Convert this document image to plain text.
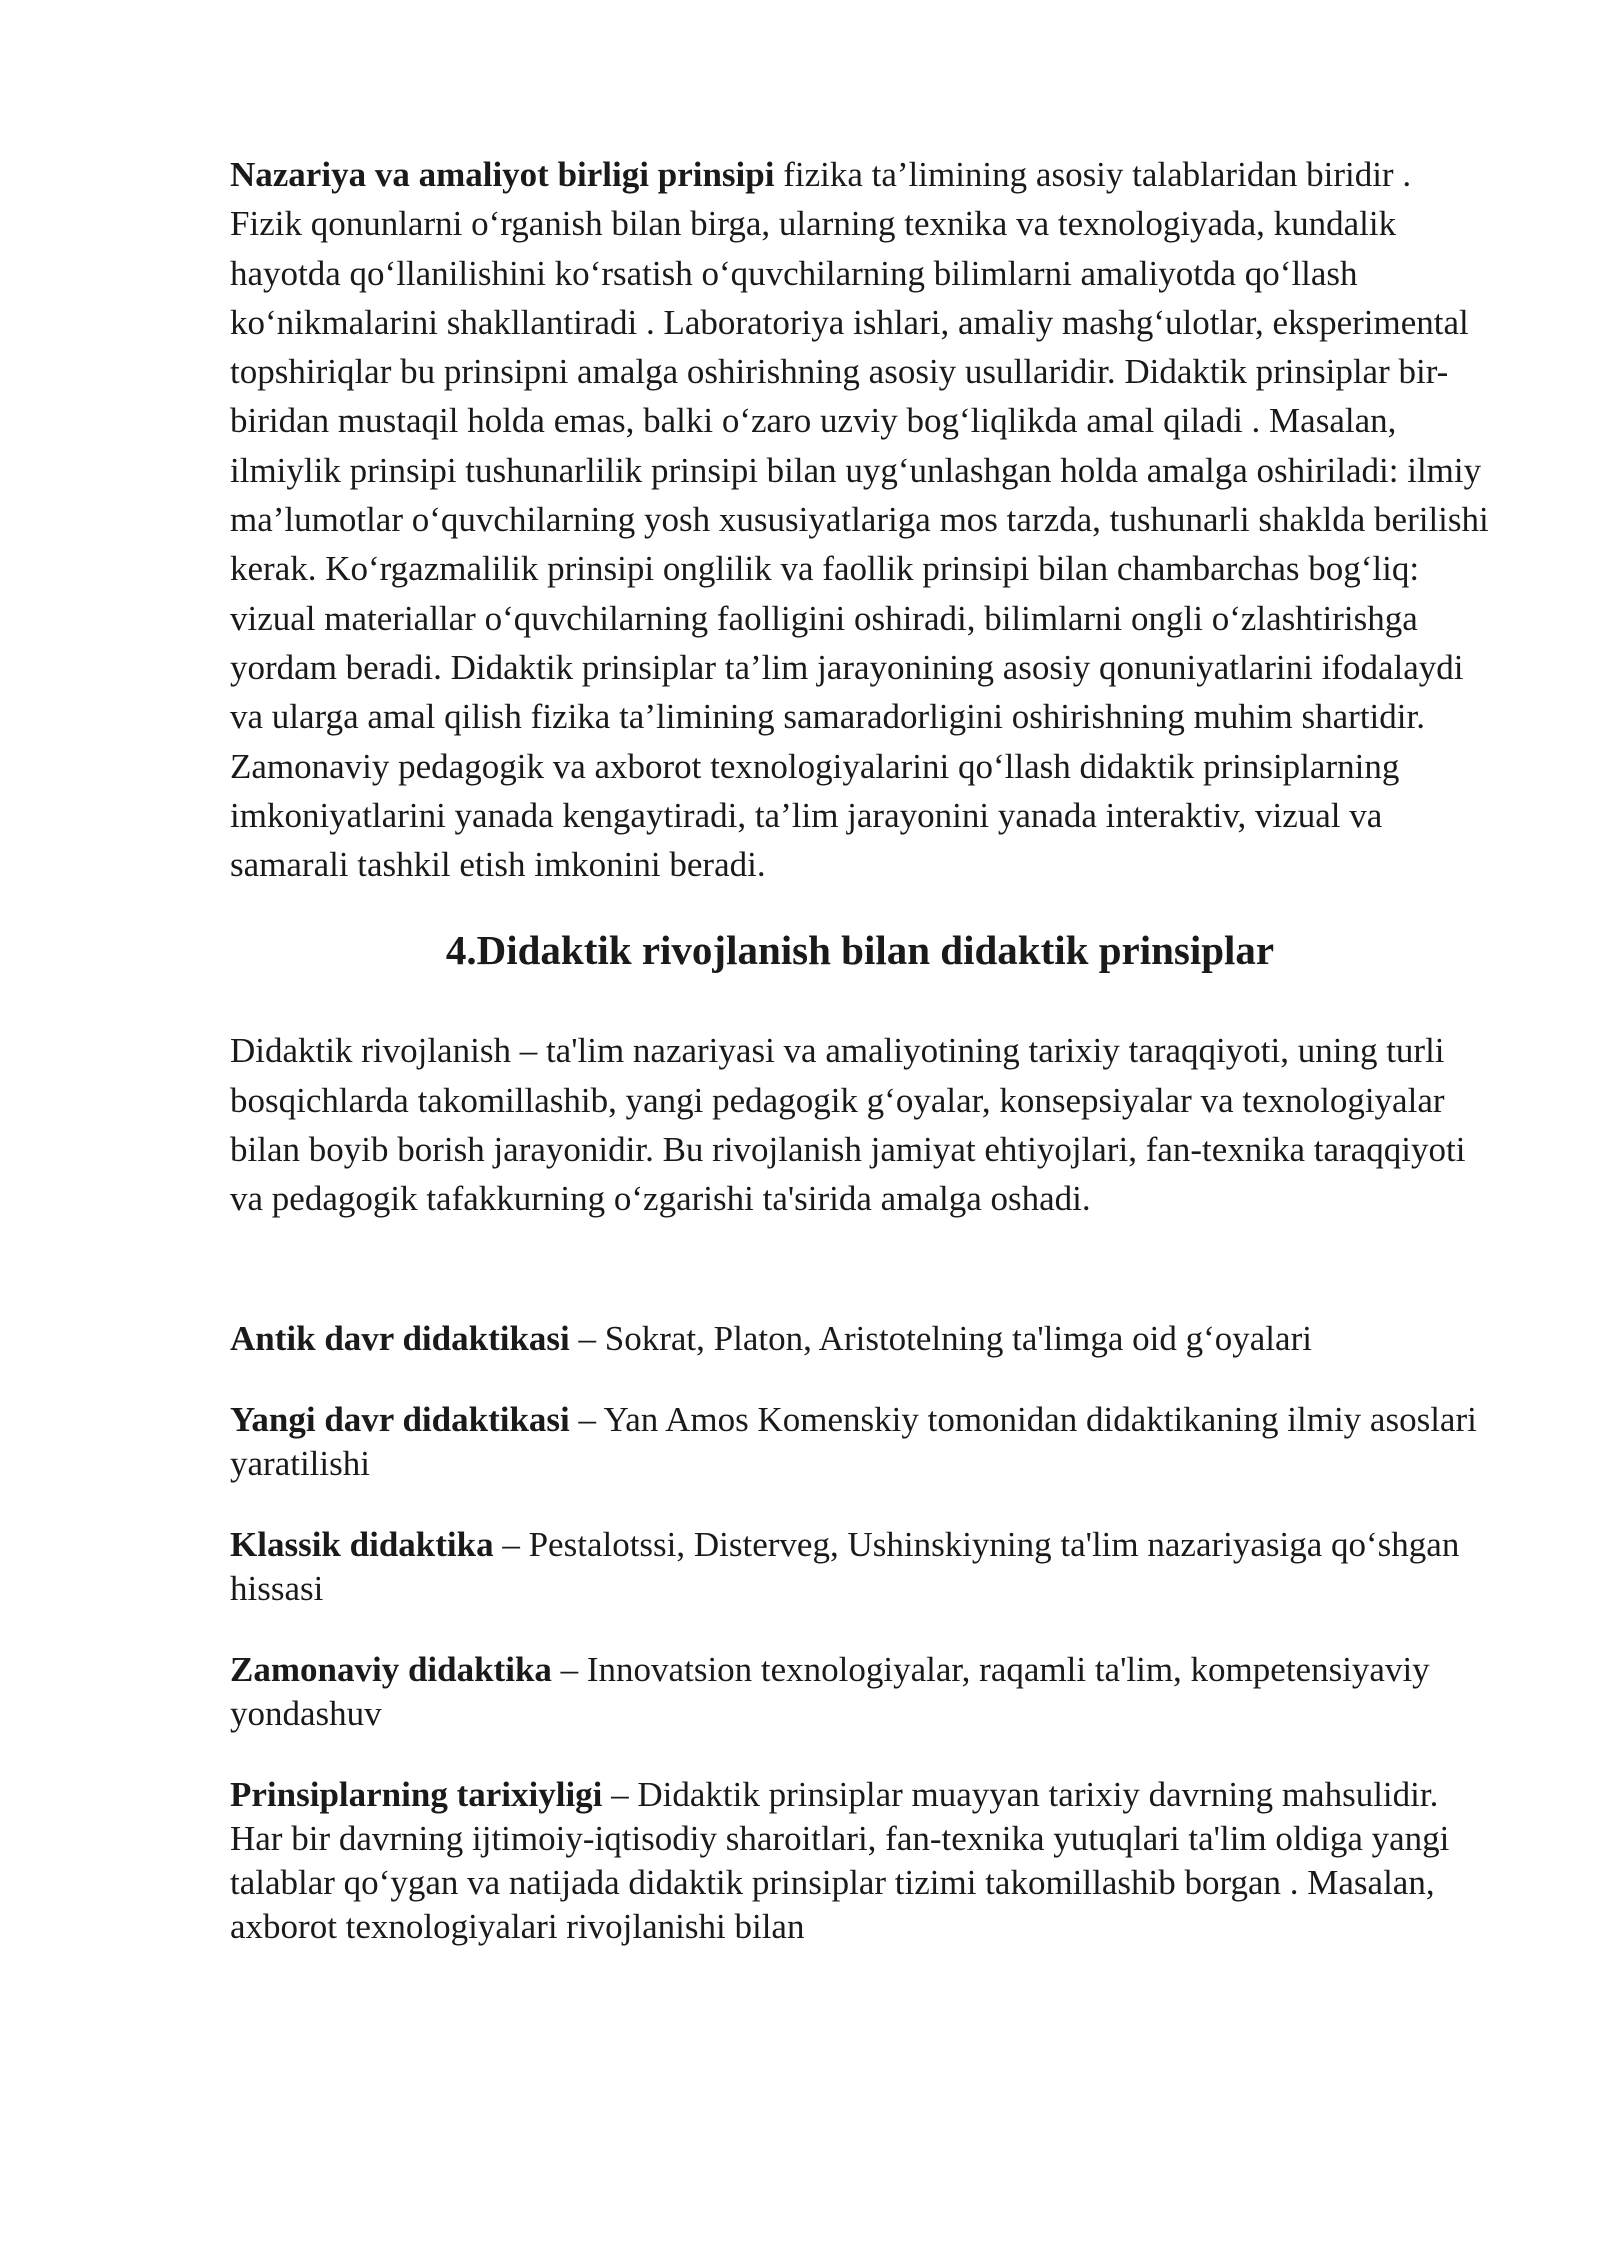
Nazariya va amaliyot birligi prinsipi fizika ta’limining asosiy talablaridan biridir . Fizik qonunlarni o‘rganish bilan birga, ularning texnika va texnologiyada, kundalik hayotda qo‘llanilishini ko‘rsatish o‘quvchilarning bilimlarni amaliyotda qo‘llash ko‘nikmalarini shakllantiradi . Laboratoriya ishlari, amaliy mashg‘ulotlar, eksperimental topshiriqlar bu prinsipni amalga oshirishning asosiy usullaridir. Didaktik prinsiplar bir-biridan mustaqil holda emas, balki o‘zaro uzviy bog‘liqlikda amal qiladi . Masalan, ilmiylik prinsipi tushunarlilik prinsipi bilan uyg‘unlashgan holda amalga oshiriladi: ilmiy ma’lumotlar o‘quvchilarning yosh xususiyatlariga mos tarzda, tushunarli shaklda berilishi kerak. Ko‘rgazmalilik prinsipi onglilik va faollik prinsipi bilan chambarchas bog‘liq: vizual materiallar o‘quvchilarning faolligini oshiradi, bilimlarni ongli o‘zlashtirishga yordam beradi. Didaktik prinsiplar ta’lim jarayonining asosiy qonuniyatlarini ifodalaydi va ularga amal qilish fizika ta’limining samaradorligini oshirishning muhim shartidir. Zamonaviy pedagogik va axborot texnologiyalarini qo‘llash didaktik prinsiplarning imkoniyatlarini yanada kengaytiradi, ta’lim jarayonini yanada interaktiv, vizual va samarali tashkil etish imkonini beradi.

4.Didaktik rivojlanish bilan didaktik prinsiplar

Didaktik rivojlanish – ta'lim nazariyasi va amaliyotining tarixiy taraqqiyoti, uning turli bosqichlarda takomillashib, yangi pedagogik g‘oyalar, konsepsiyalar va texnologiyalar bilan boyib borish jarayonidir. Bu rivojlanish jamiyat ehtiyojlari, fan-texnika taraqqiyoti va pedagogik tafakkurning o‘zgarishi ta'sirida amalga oshadi.

Antik davr didaktikasi – Sokrat, Platon, Aristotelning ta'limga oid g‘oyalari

Yangi davr didaktikasi – Yan Amos Komenskiy tomonidan didaktikaning ilmiy asoslari yaratilishi

Klassik didaktika – Pestalotssi, Disterveg, Ushinskiyning ta'lim nazariyasiga qo‘shgan hissasi

Zamonaviy didaktika – Innovatsion texnologiyalar, raqamli ta'lim, kompetensiyaviy yondashuv

Prinsiplarning tarixiyligi – Didaktik prinsiplar muayyan tarixiy davrning mahsulidir. Har bir davrning ijtimoiy-iqtisodiy sharoitlari, fan-texnika yutuqlari ta'lim oldiga yangi talablar qo‘ygan va natijada didaktik prinsiplar tizimi takomillashib borgan . Masalan, axborot texnologiyalari rivojlanishi bilan
